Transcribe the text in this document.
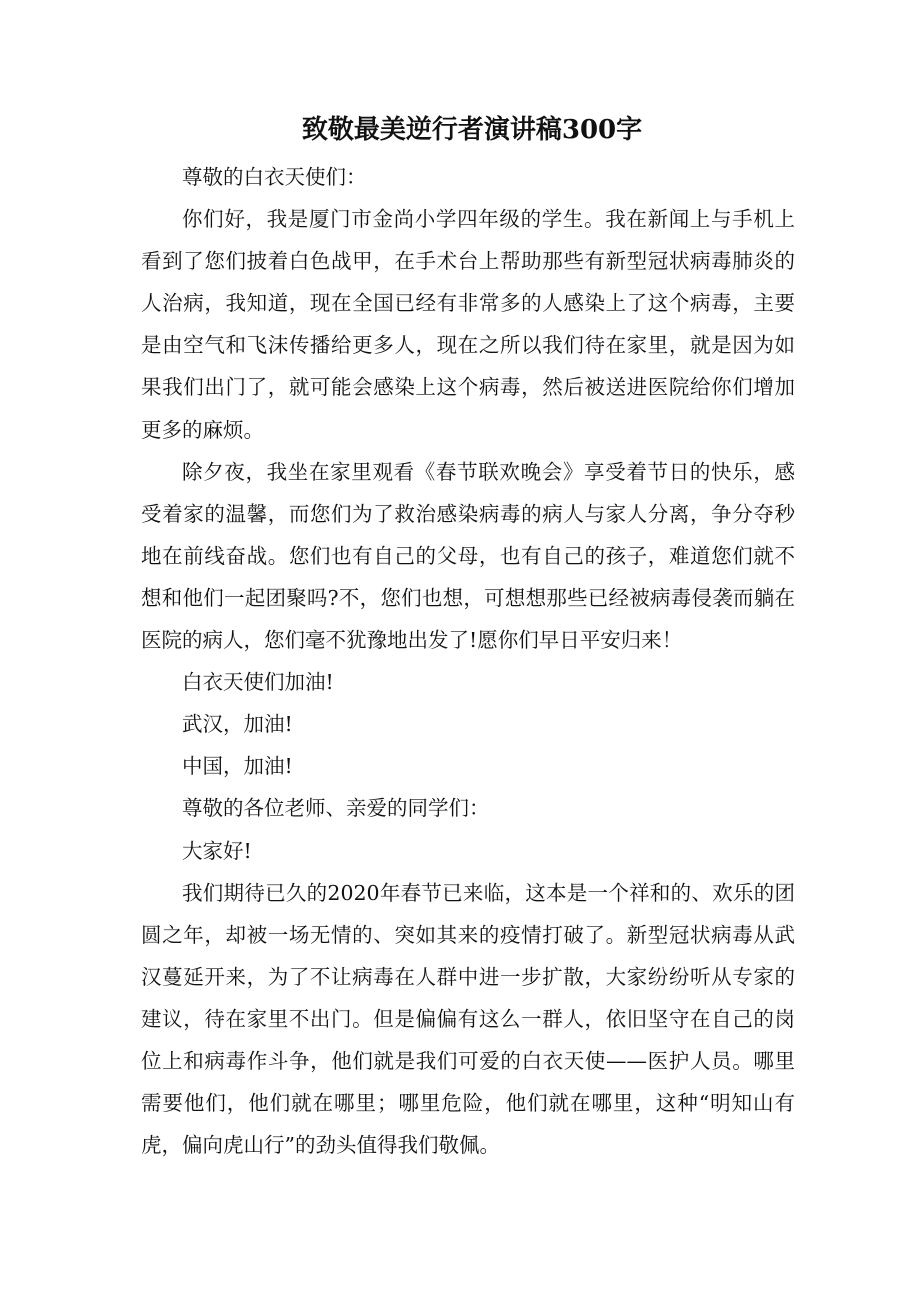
致敬最美逆行者演讲稿300字

尊敬的白衣天使们：

你们好，我是厦门市金尚小学四年级的学生。我在新闻上与手机上看到了您们披着白色战甲，在手术台上帮助那些有新型冠状病毒肺炎的人治病，我知道，现在全国已经有非常多的人感染上了这个病毒，主要是由空气和飞沫传播给更多人，现在之所以我们待在家里，就是因为如果我们出门了，就可能会感染上这个病毒，然后被送进医院给你们增加更多的麻烦。

除夕夜，我坐在家里观看《春节联欢晚会》享受着节日的快乐，感受着家的温馨，而您们为了救治感染病毒的病人与家人分离，争分夺秒地在前线奋战。您们也有自己的父母，也有自己的孩子，难道您们就不想和他们一起团聚吗?不，您们也想，可想想那些已经被病毒侵袭而躺在医院的病人，您们毫不犹豫地出发了!愿你们早日平安归来！

白衣天使们加油!

武汉，加油!

中国，加油!

尊敬的各位老师、亲爱的同学们：

大家好!

我们期待已久的2020年春节已来临，这本是一个祥和的、欢乐的团圆之年，却被一场无情的、突如其来的疫情打破了。新型冠状病毒从武汉蔓延开来，为了不让病毒在人群中进一步扩散，大家纷纷听从专家的建议，待在家里不出门。但是偏偏有这么一群人，依旧坚守在自己的岗位上和病毒作斗争，他们就是我们可爱的白衣天使——医护人员。哪里需要他们，他们就在哪里；哪里危险，他们就在哪里，这种“明知山有虎，偏向虎山行”的劲头值得我们敬佩。
